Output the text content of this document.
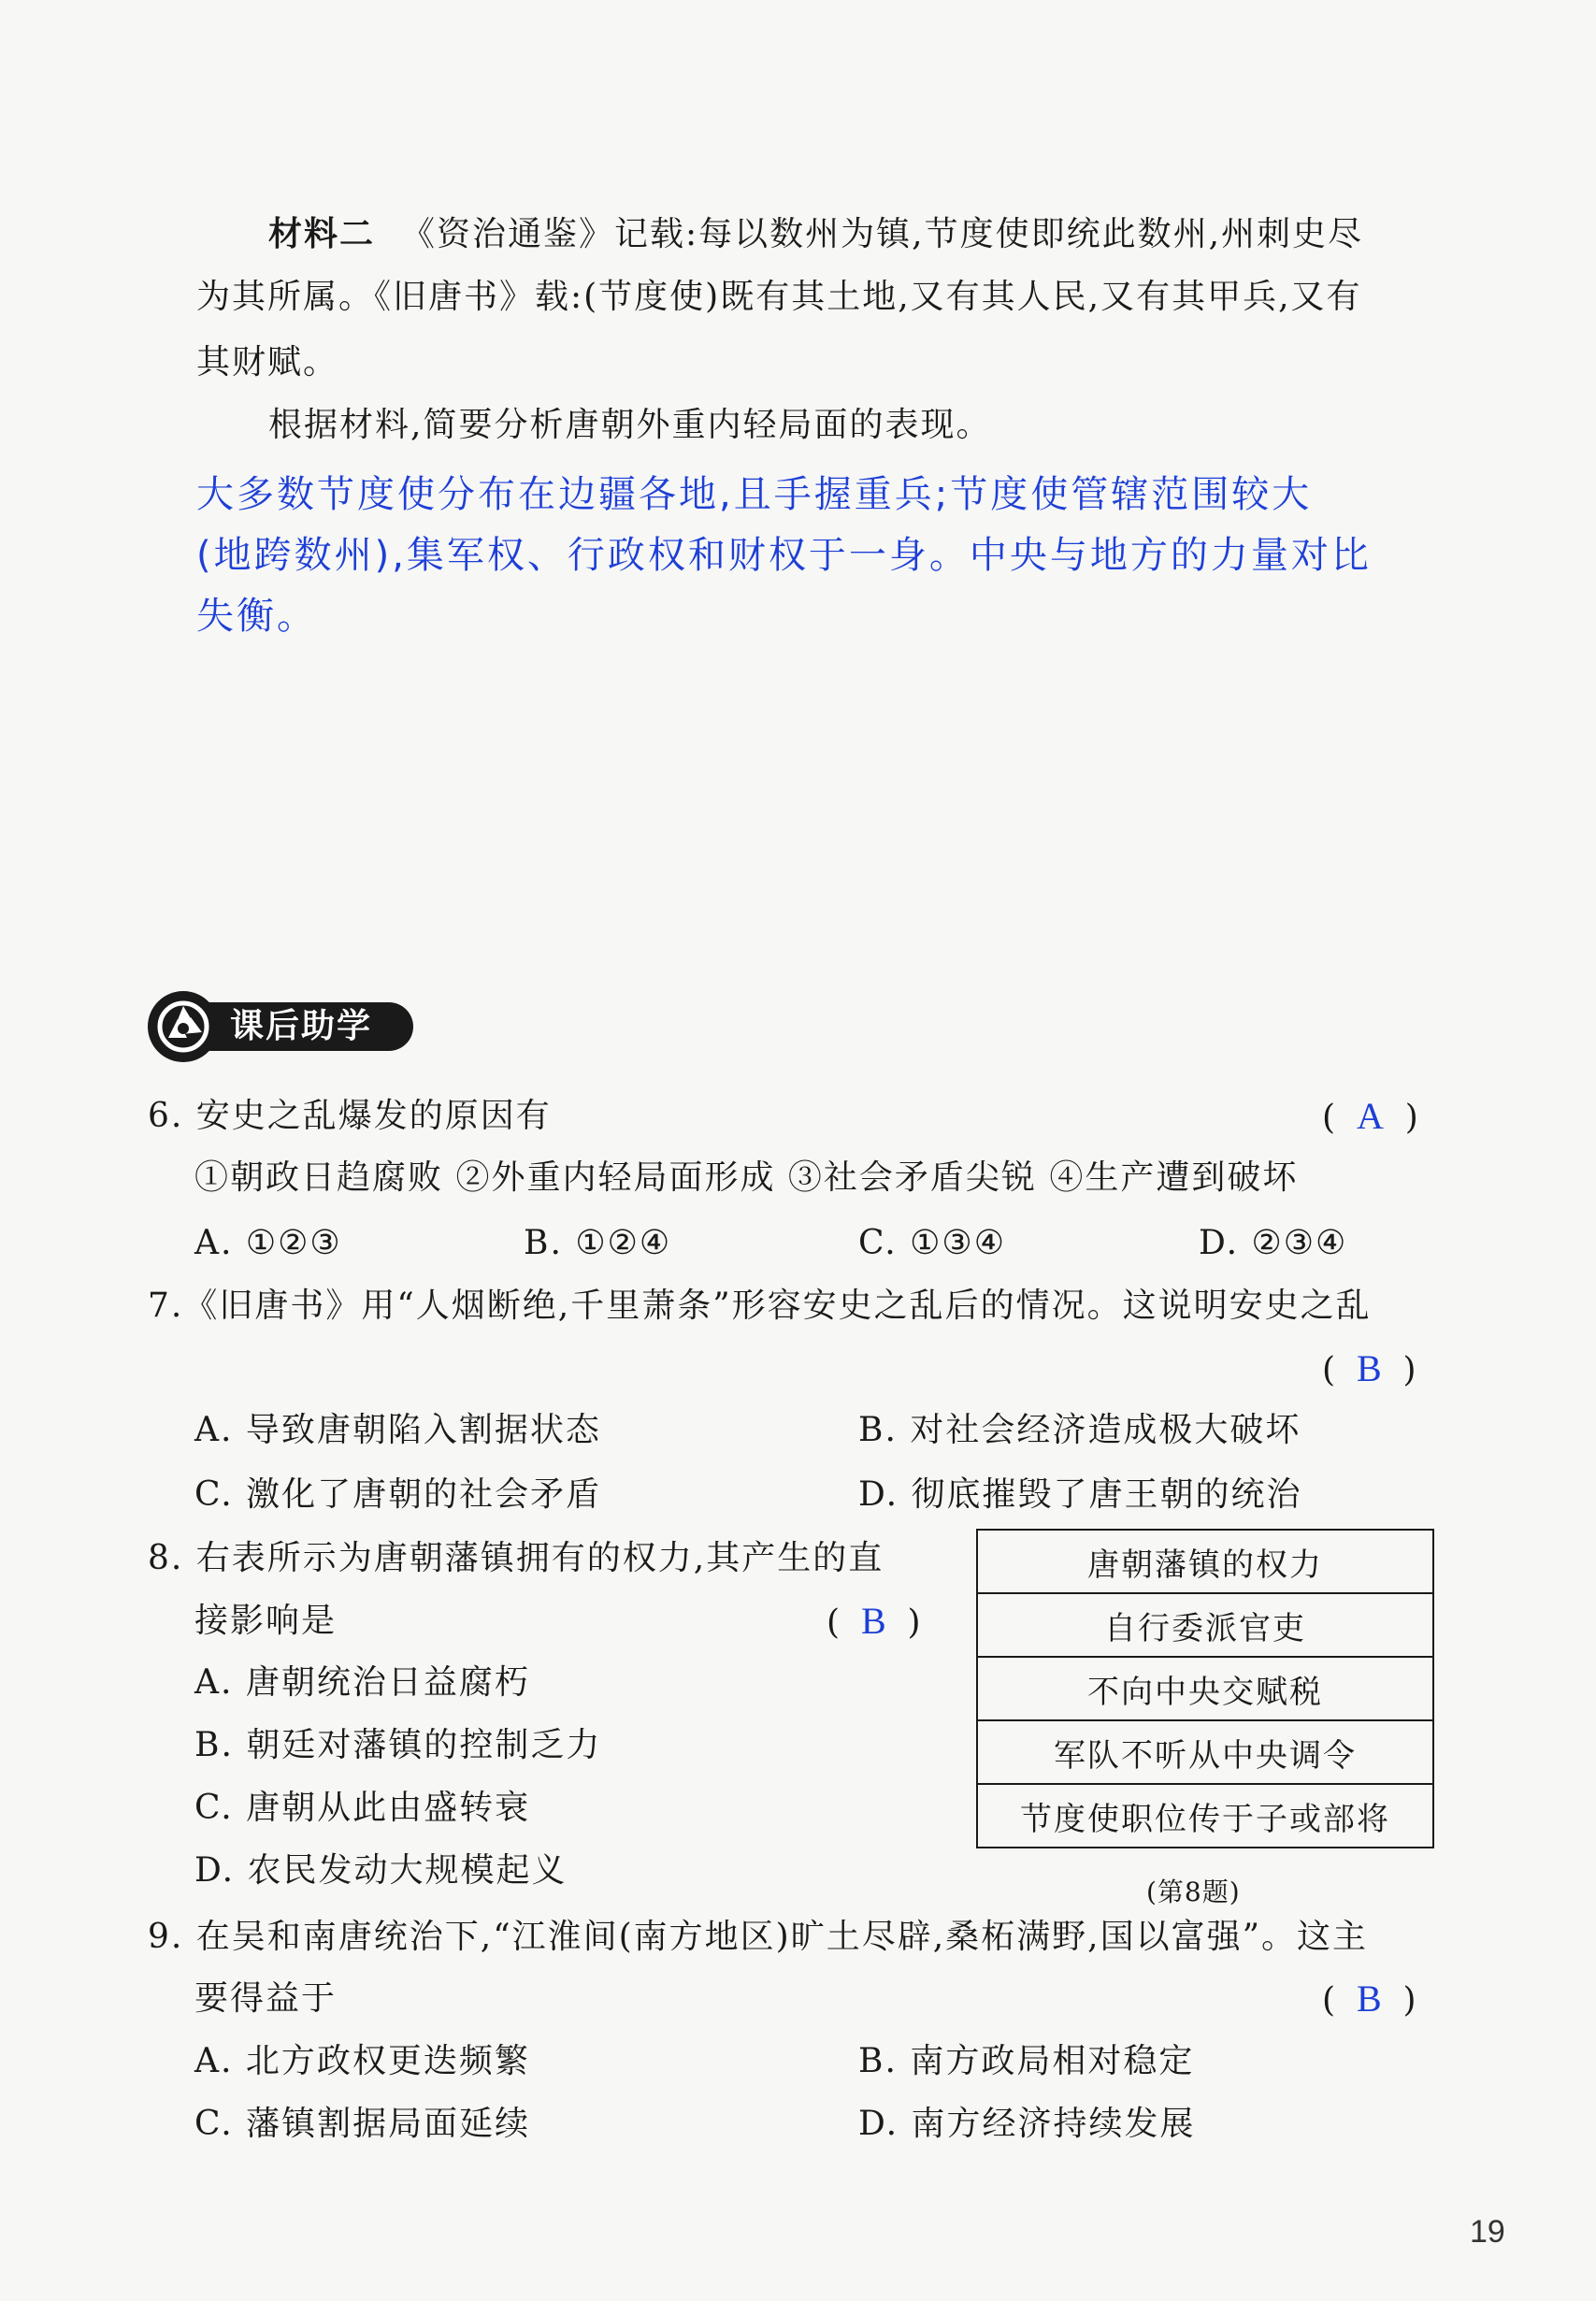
材料二 《资治通鉴》记载:每以数州为镇,节度使即统此数州,州刺史尽
为其所属。《旧唐书》载:(节度使)既有其土地,又有其人民,又有其甲兵,又有
其财赋。
根据材料,简要分析唐朝外重内轻局面的表现。
大多数节度使分布在边疆各地,且手握重兵;节度使管辖范围较大
(地跨数州),集军权、行政权和财权于一身。中央与地方的力量对比
失衡。
课后助学
6. 安史之乱爆发的原因有	(  A  )
①朝政日趋腐败 ②外重内轻局面形成 ③社会矛盾尖锐 ④生产遭到破坏
A. ①②③	B. ①②④	C. ①③④	D. ②③④
7.《旧唐书》用“人烟断绝,千里萧条”形容安史之乱后的情况。这说明安史之乱
(  B  )
A. 导致唐朝陷入割据状态	B. 对社会经济造成极大破坏
C. 激化了唐朝的社会矛盾	D. 彻底摧毁了唐王朝的统治
8. 右表所示为唐朝藩镇拥有的权力,其产生的直
接影响是	(  B  )
A. 唐朝统治日益腐朽
B. 朝廷对藩镇的控制乏力
C. 唐朝从此由盛转衰
D. 农民发动大规模起义
唐朝藩镇的权力
自行委派官吏
不向中央交赋税
军队不听从中央调令
节度使职位传于子或部将
(第8题)
9. 在吴和南唐统治下,“江淮间(南方地区)旷土尽辟,桑柘满野,国以富强”。这主
要得益于	(  B  )
A. 北方政权更迭频繁	B. 南方政局相对稳定
C. 藩镇割据局面延续	D. 南方经济持续发展
19
